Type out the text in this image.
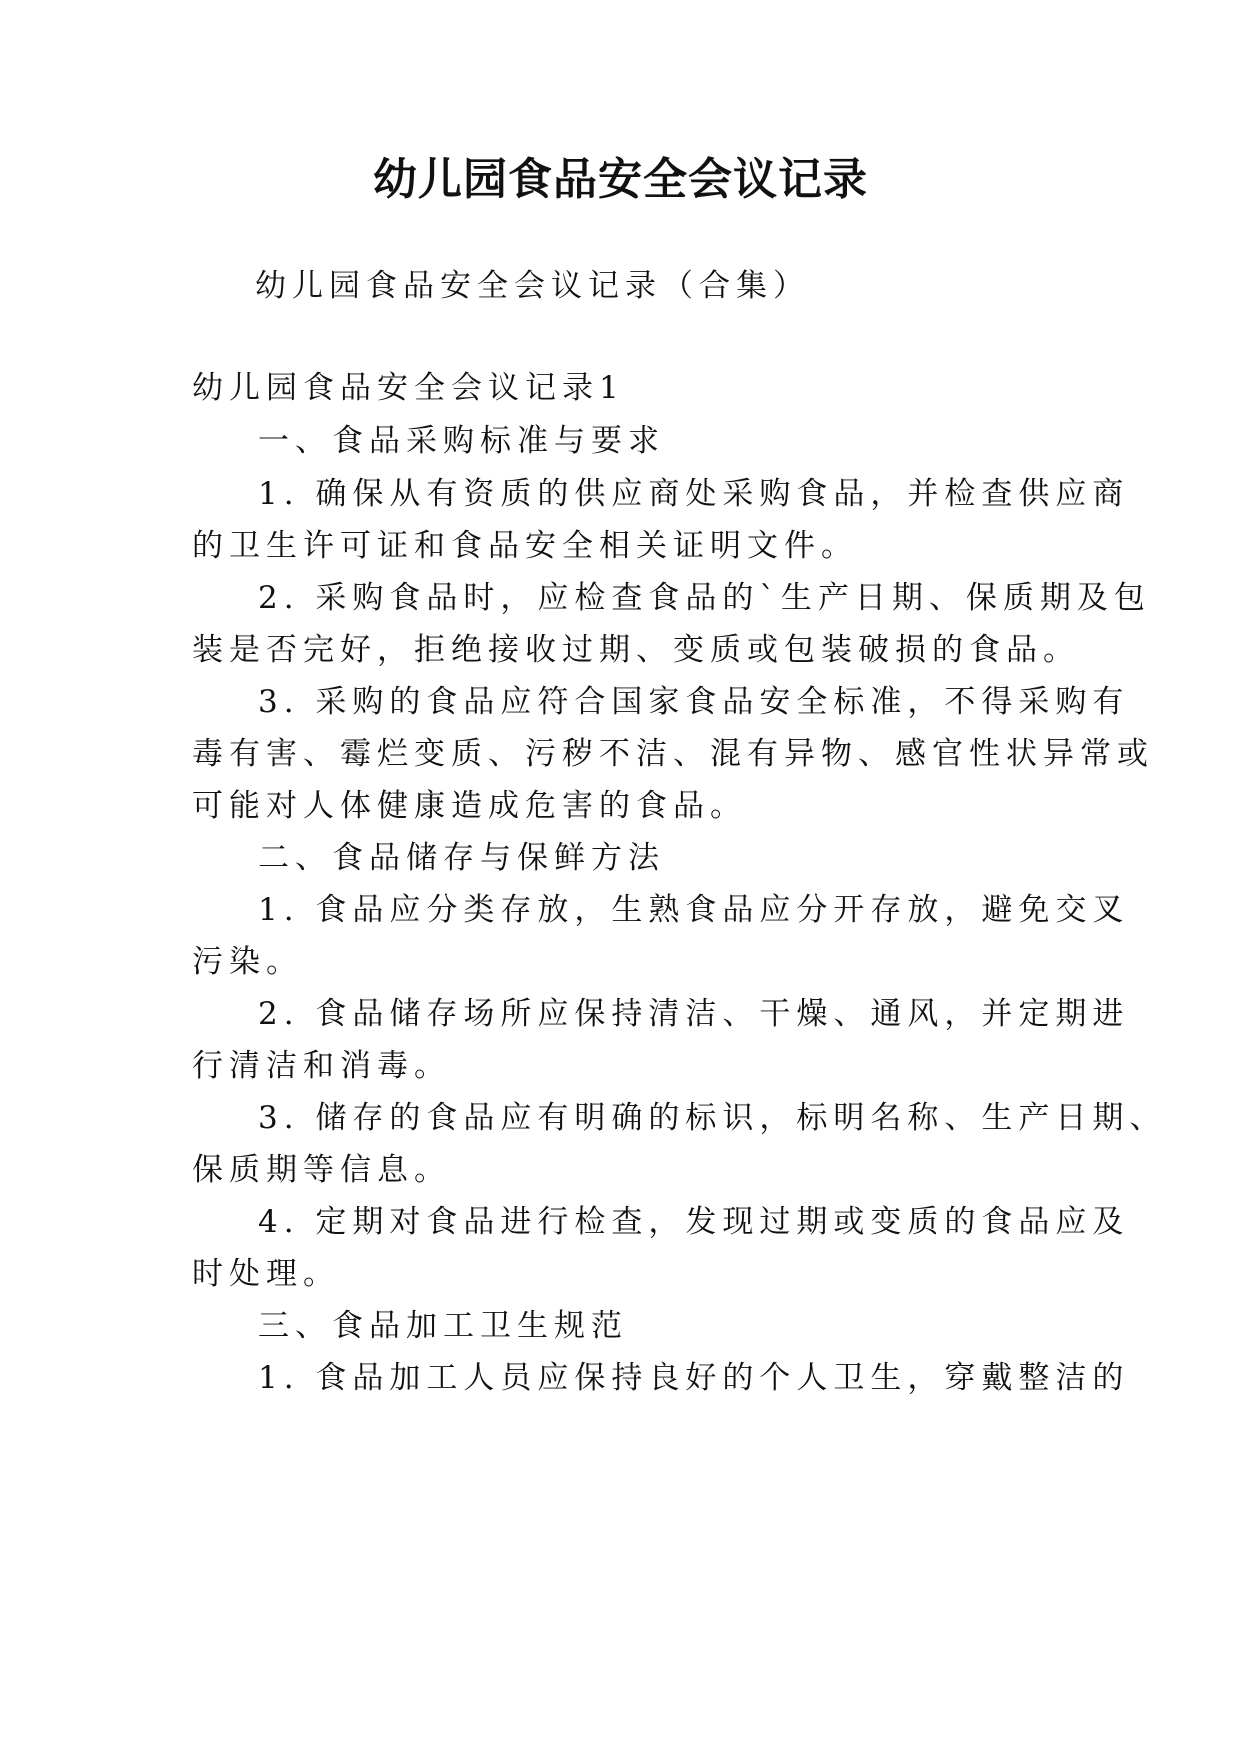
幼儿园食品安全会议记录
幼儿园食品安全会议记录（合集）
幼儿园食品安全会议记录1
一、食品采购标准与要求
1. 确保从有资质的供应商处采购食品，并检查供应商
的卫生许可证和食品安全相关证明文件。
2. 采购食品时，应检查食品的`生产日期、保质期及包
装是否完好，拒绝接收过期、变质或包装破损的食品。
3. 采购的食品应符合国家食品安全标准，不得采购有
毒有害、霉烂变质、污秽不洁、混有异物、感官性状异常或
可能对人体健康造成危害的食品。
二、食品储存与保鲜方法
1. 食品应分类存放，生熟食品应分开存放，避免交叉
污染。
2. 食品储存场所应保持清洁、干燥、通风，并定期进
行清洁和消毒。
3. 储存的食品应有明确的标识，标明名称、生产日期、
保质期等信息。
4. 定期对食品进行检查，发现过期或变质的食品应及
时处理。
三、食品加工卫生规范
1. 食品加工人员应保持良好的个人卫生，穿戴整洁的
